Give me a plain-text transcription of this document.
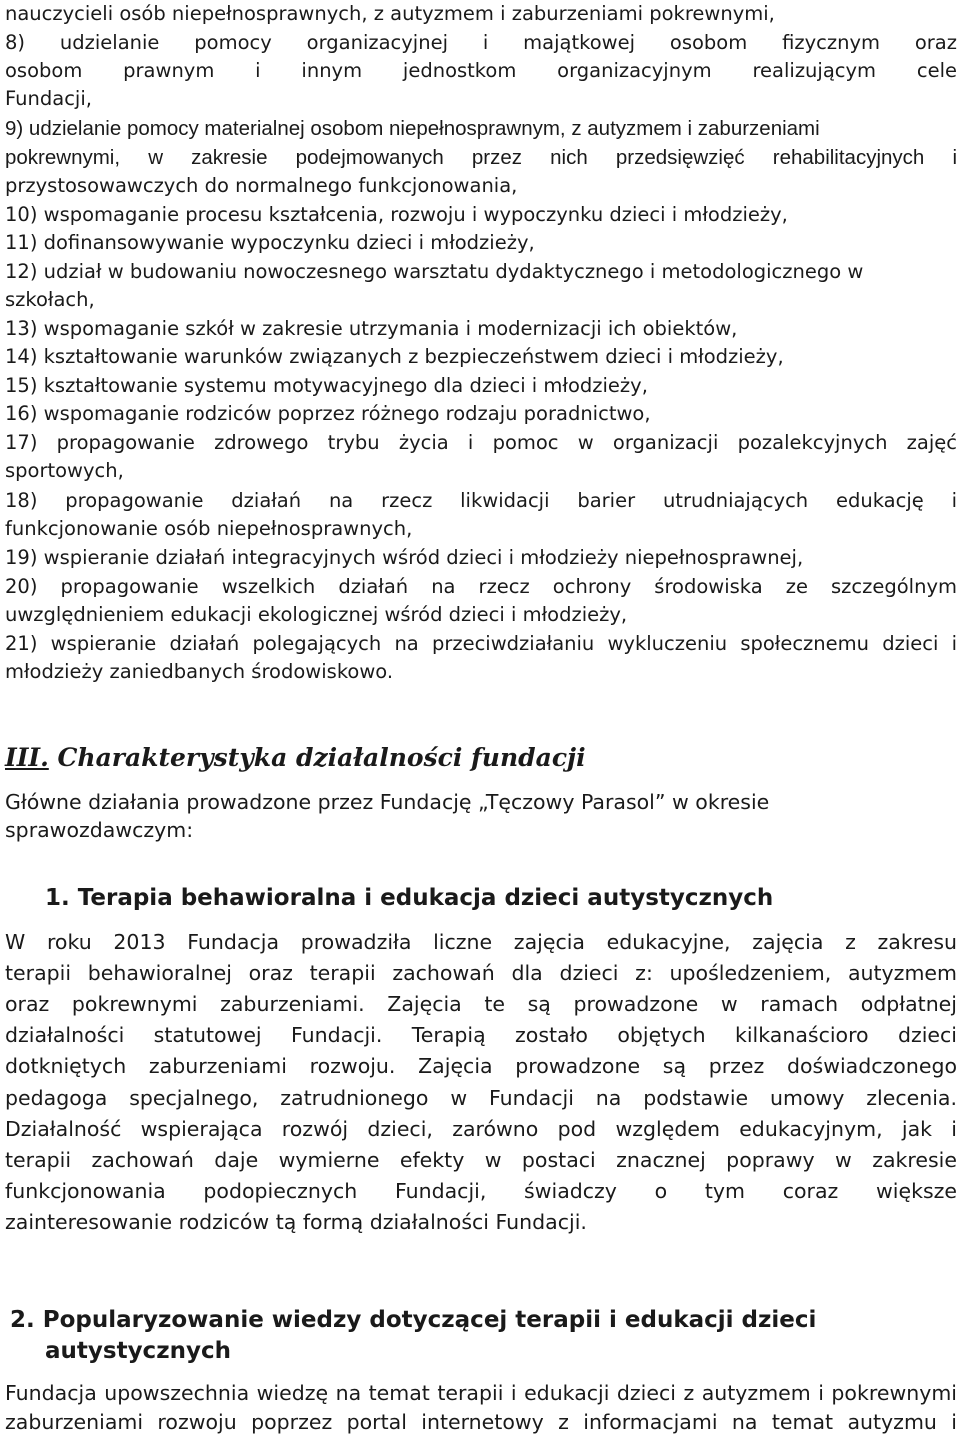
nauczycieli osób niepełnosprawnych, z autyzmem i zaburzeniami pokrewnymi,
8) udzielanie pomocy organizacyjnej i majątkowej osobom fizycznym oraz
osobom prawnym i innym jednostkom organizacyjnym realizującym cele
Fundacji,
9) udzielanie pomocy materialnej osobom niepełnosprawnym, z autyzmem i zaburzeniami
pokrewnymi, w zakresie podejmowanych przez nich przedsięwzięć rehabilitacyjnych i
przystosowawczych do normalnego funkcjonowania,
10) wspomaganie procesu kształcenia, rozwoju i wypoczynku dzieci i młodzieży,
11) dofinansowywanie wypoczynku dzieci i młodzieży,
12) udział w budowaniu nowoczesnego warsztatu dydaktycznego i metodologicznego w
szkołach,
13) wspomaganie szkół w zakresie utrzymania i modernizacji ich obiektów,
14) kształtowanie warunków związanych z bezpieczeństwem dzieci i młodzieży,
15) kształtowanie systemu motywacyjnego dla dzieci i młodzieży,
16) wspomaganie rodziców poprzez różnego rodzaju poradnictwo,
17) propagowanie zdrowego trybu życia i pomoc w organizacji pozalekcyjnych zajęć
sportowych,
18) propagowanie działań na rzecz likwidacji barier utrudniających edukację i
funkcjonowanie osób niepełnosprawnych,
19) wspieranie działań integracyjnych wśród dzieci i młodzieży niepełnosprawnej,
20) propagowanie wszelkich działań na rzecz ochrony środowiska ze szczególnym
uwzględnieniem edukacji ekologicznej wśród dzieci i młodzieży,
21) wspieranie działań polegających na przeciwdziałaniu wykluczeniu społecznemu dzieci i
młodzieży zaniedbanych środowiskowo.
III. Charakterystyka działalności fundacji
Główne działania prowadzone przez Fundację „Tęczowy Parasol” w okresie
sprawozdawczym:
1. Terapia behawioralna i edukacja dzieci autystycznych
W roku 2013 Fundacja prowadziła liczne zajęcia edukacyjne, zajęcia z zakresu
terapii behawioralnej oraz terapii zachowań dla dzieci z: upośledzeniem, autyzmem
oraz pokrewnymi zaburzeniami. Zajęcia te są prowadzone w ramach odpłatnej
działalności statutowej Fundacji. Terapią zostało objętych kilkanaścioro dzieci
dotkniętych zaburzeniami rozwoju. Zajęcia prowadzone są przez doświadczonego
pedagoga specjalnego, zatrudnionego w Fundacji na podstawie umowy zlecenia.
Działalność wspierająca rozwój dzieci, zarówno pod względem edukacyjnym, jak i
terapii zachowań daje wymierne efekty w postaci znacznej poprawy w zakresie
funkcjonowania podopiecznych Fundacji, świadczy o tym coraz większe
zainteresowanie rodziców tą formą działalności Fundacji.
2. Popularyzowanie wiedzy dotyczącej terapii i edukacji dzieci
autystycznych
Fundacja upowszechnia wiedzę na temat terapii i edukacji dzieci z autyzmem i pokrewnymi
zaburzeniami rozwoju poprzez portal internetowy z informacjami na temat autyzmu i
